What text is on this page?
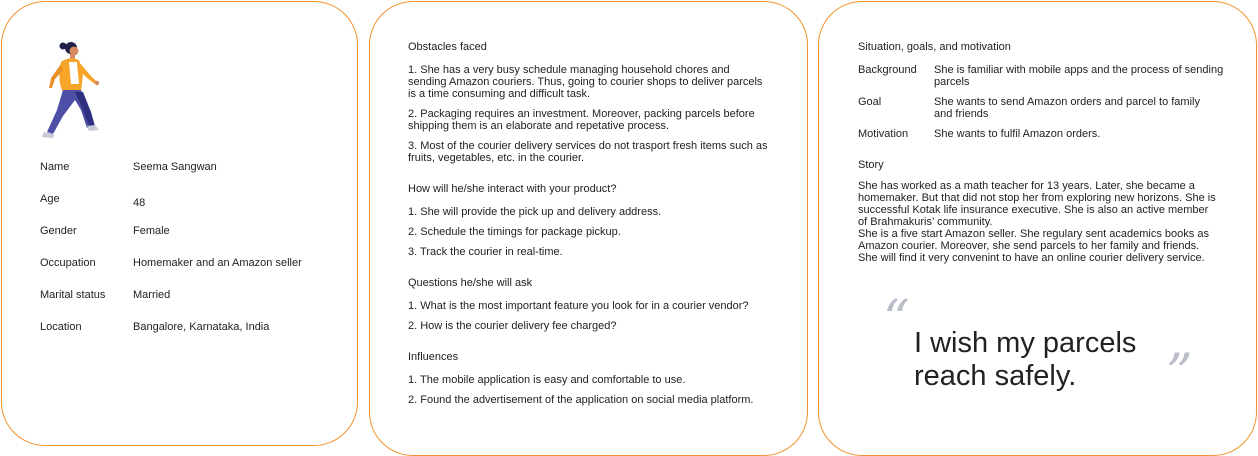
Name	Seema Sangwan
Age	48
Gender	Female
Occupation	Homemaker and an Amazon seller
Marital status	Married
Location	Bangalore, Karnataka, India
Obstacles faced
1. She has a very busy schedule managing household chores and sending Amazon couriers. Thus, going to courier shops to deliver parcels is a time consuming and difficult task.
2. Packaging requires an investment. Moreover, packing parcels before shipping them is an elaborate and repetative process.
3. Most of the courier delivery services do not trasport fresh items such as fruits, vegetables, etc. in the courier.
How will he/she interact with your product?
1. She will provide the pick up and delivery address.
2. Schedule the timings for package pickup.
3. Track the courier in real-time.
Questions he/she will ask
1. What is the most important feature you look for in a courier vendor?
2. How is the courier delivery fee charged?
Influences
1. The mobile application is easy and comfortable to use.
2. Found the advertisement of the application on social media platform.
Situation, goals, and motivation
Background She is familiar with mobile apps and the process of sending parcels
Goal	She wants to send Amazon orders and parcel to family and friends
Motivation She wants to fulfil Amazon orders.
Story
She has worked as a math teacher for 13 years. Later, she became a homemaker. But that did not stop her from exploring new horizons. She is successful Kotak life insurance executive. She is also an active member of Brahmakuris’ community.
She is a five start Amazon seller. She regulary sent academics books as Amazon courier. Moreover, she send parcels to her family and friends. She will find it very convenint to have an online courier delivery service.
“ I wish my parcels
reach safely.	”
